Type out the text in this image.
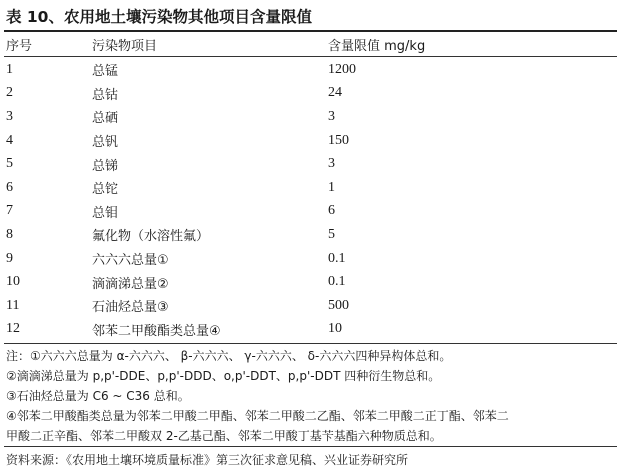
表 10、农用地土壤污染物其他项目含量限值
序号	污染物项目	含量限值 mg/kg
1	总锰	1200
2	总钴	24
3	总硒	3
4	总钒	150
5	总锑	3
6	总铊	1
7	总钼	6
8	氟化物（水溶性氟）	5
9	六六六总量①	0.1
10	滴滴涕总量②	0.1
11	石油烃总量③	500
12	邻苯二甲酸酯类总量④	10
注：①六六六总量为 α-六六六、 β-六六六、 γ-六六六、 δ-六六六四种异构体总和。
②滴滴涕总量为 p,p'-DDE、p,p'-DDD、o,p'-DDT、p,p'-DDT 四种衍生物总和。
③石油烃总量为 C6 ~ C36 总和。
④邻苯二甲酸酯类总量为邻苯二甲酸二甲酯、邻苯二甲酸二乙酯、邻苯二甲酸二正丁酯、邻苯二
甲酸二正辛酯、邻苯二甲酸双 2-乙基己酯、邻苯二甲酸丁基苄基酯六种物质总和。
资料来源：《农用地土壤环境质量标准》第三次征求意见稿、兴业证券研究所
